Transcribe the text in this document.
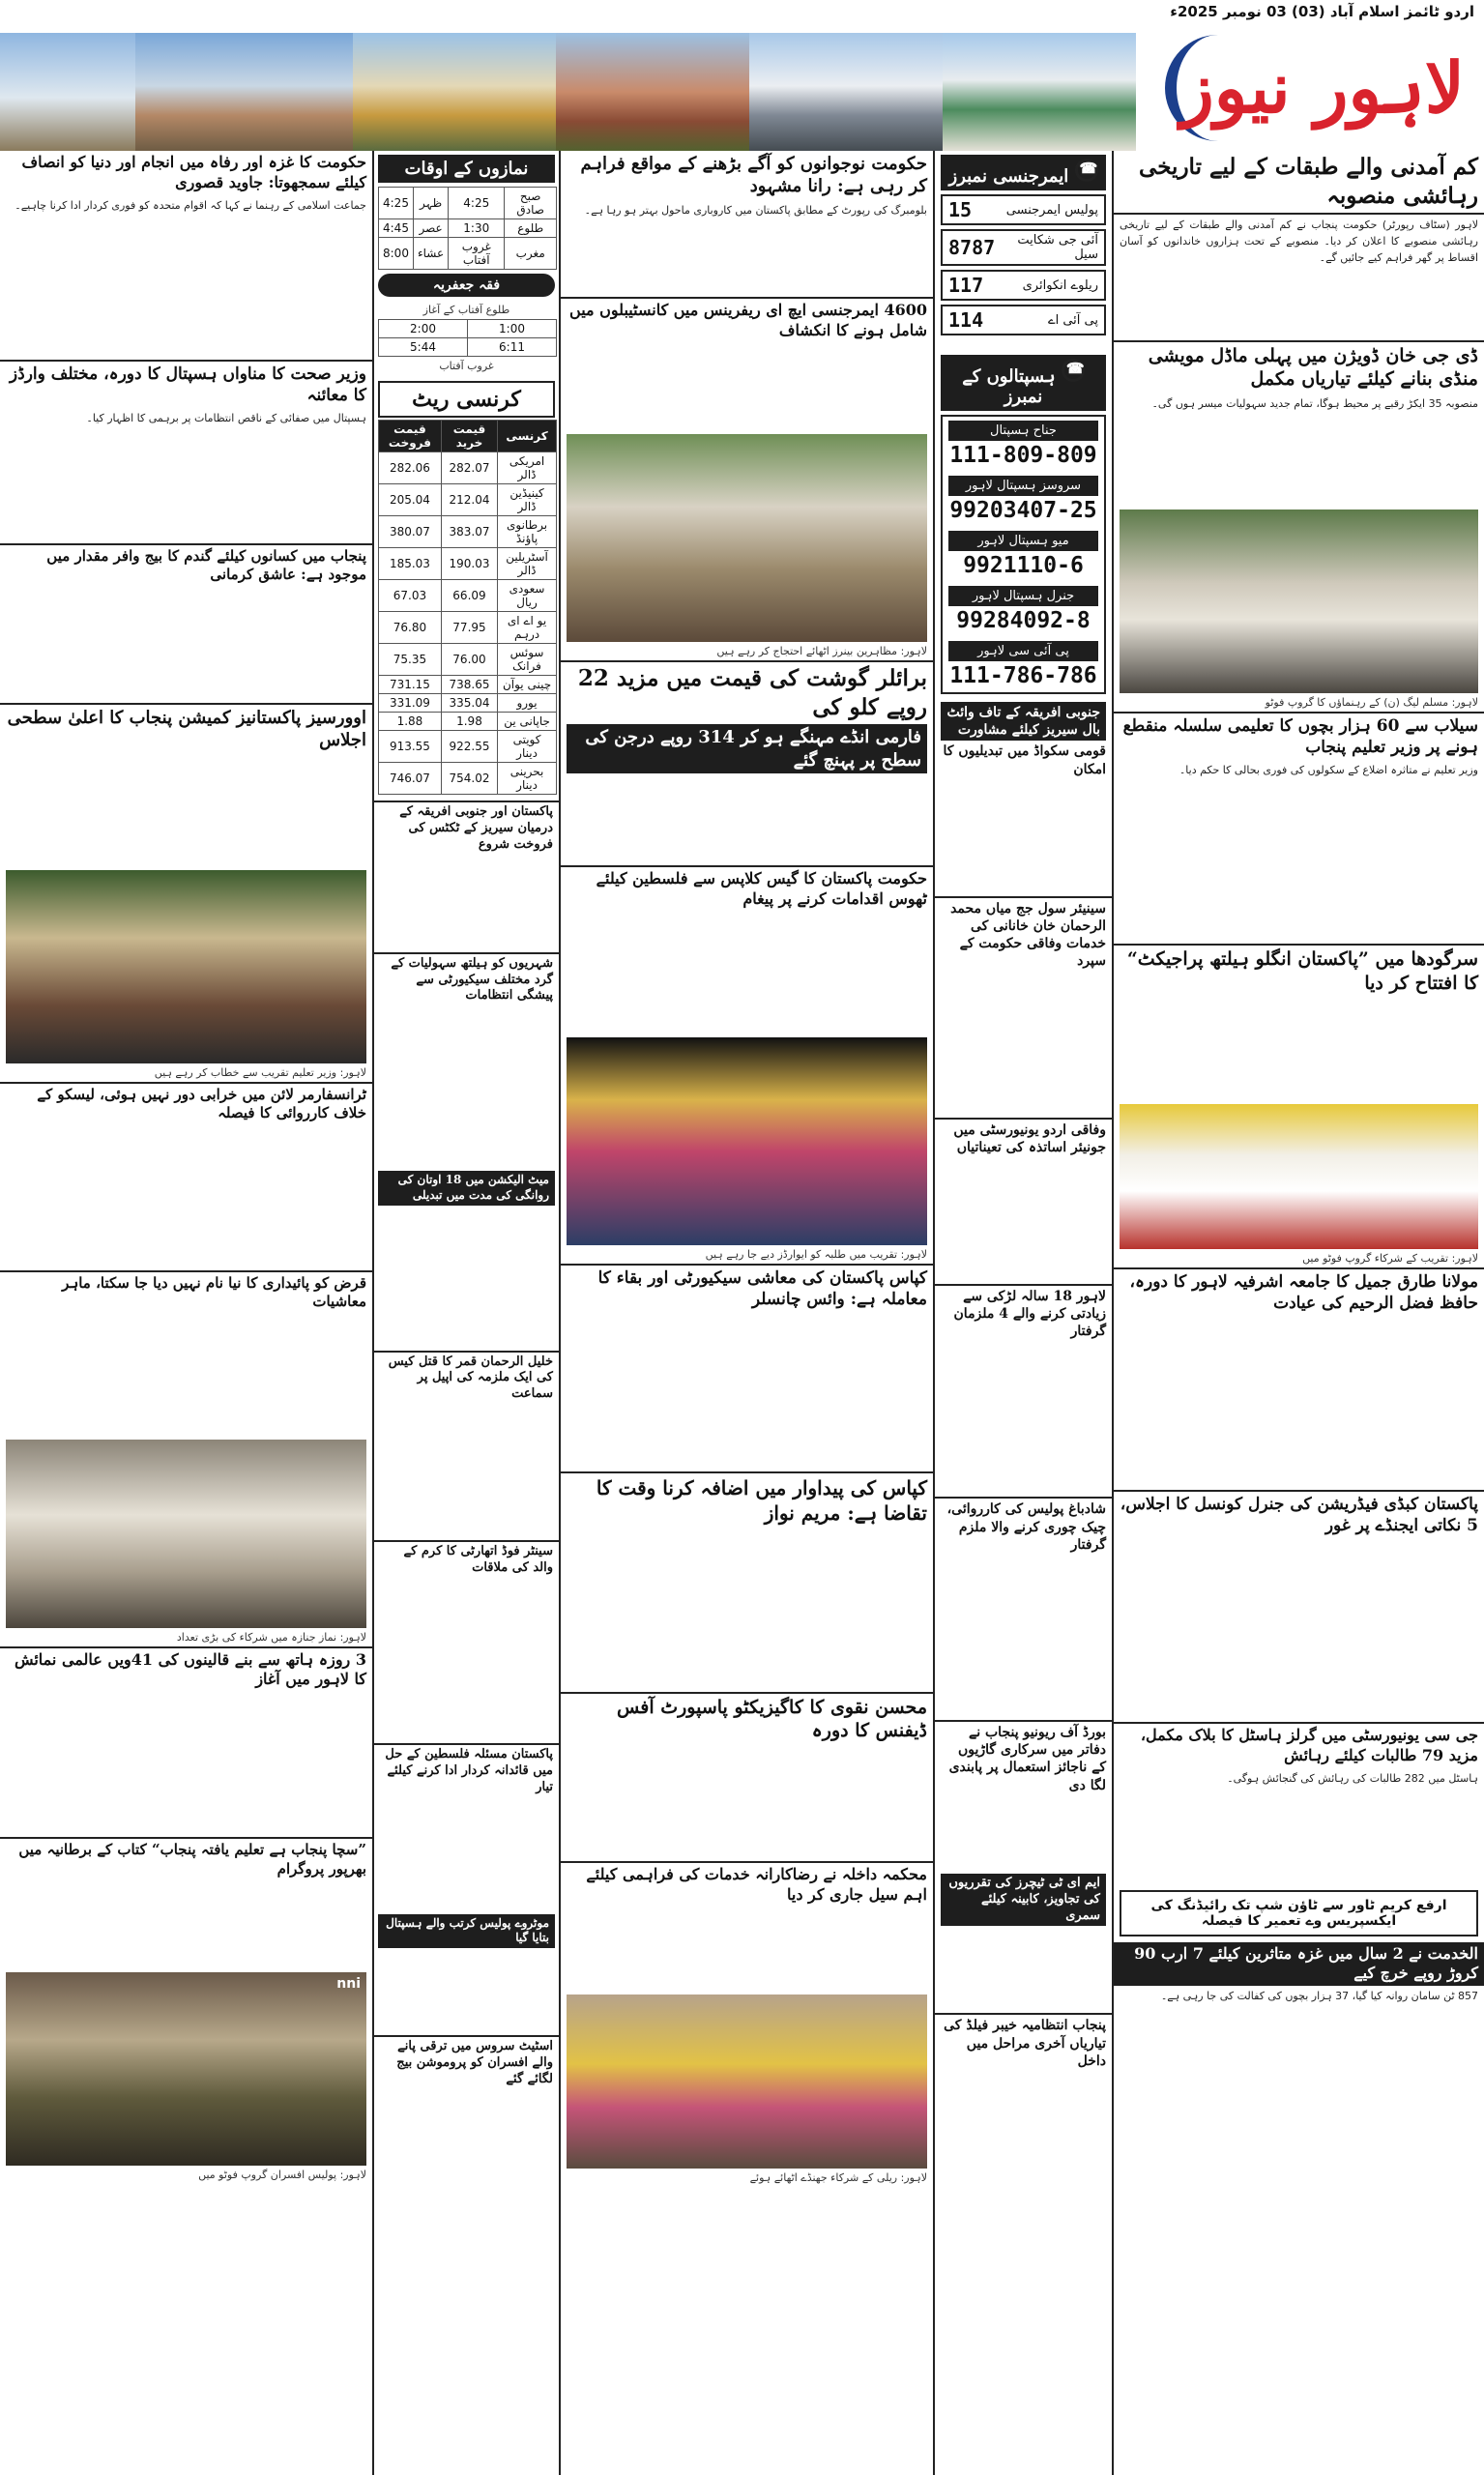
اردو ٹائمز اسلام آباد (03) 03 نومبر 2025ء
لاہور نیوز
کم آمدنی والے طبقات کے لیے تاریخی رہائشی منصوبہ
لاہور (سٹاف رپورٹر) حکومت پنجاب نے کم آمدنی والے طبقات کے لیے تاریخی رہائشی منصوبے کا اعلان کر دیا۔ منصوبے کے تحت ہزاروں خاندانوں کو آسان اقساط پر گھر فراہم کیے جائیں گے۔
ڈی جی خان ڈویژن میں پہلی ماڈل مویشی منڈی بنانے کیلئے تیاریاں مکمل
منصوبہ 35 ایکڑ رقبے پر محیط ہوگا، تمام جدید سہولیات میسر ہوں گی۔
لاہور: مسلم لیگ (ن) کے رہنماؤں کا گروپ فوٹو
سیلاب سے 60 ہزار بچوں کا تعلیمی سلسلہ منقطع ہونے پر وزیر تعلیم پنجاب
وزیر تعلیم نے متاثرہ اضلاع کے سکولوں کی فوری بحالی کا حکم دیا۔
سرگودھا میں ”پاکستان انگلو ہیلتھ پراجیکٹ“ کا افتتاح کر دیا
لاہور: تقریب کے شرکاء گروپ فوٹو میں
مولانا طارق جمیل کا جامعہ اشرفیہ لاہور کا دورہ، حافظ فضل الرحیم کی عیادت
پاکستان کبڈی فیڈریشن کی جنرل کونسل کا اجلاس، 5 نکاتی ایجنڈے پر غور
جی سی یونیورسٹی میں گرلز ہاسٹل کا بلاک مکمل، مزید 79 طالبات کیلئے رہائش
ہاسٹل میں 282 طالبات کی رہائش کی گنجائش ہوگی۔
ارفع کریم ٹاور سے ٹاؤن شپ تک رائیڈنگ کی ایکسپریس وے تعمیر کا فیصلہ
الخدمت نے 2 سال میں غزہ متاثرین کیلئے 7 ارب 90 کروڑ روپے خرچ کیے
857 ٹن سامان روانہ کیا گیا، 37 ہزار بچوں کی کفالت کی جا رہی ہے۔
☎ ایمرجنسی نمبرز
15	پولیس ایمرجنسی
8787	آئی جی شکایت سیل
117	ریلوے انکوائری
114	پی آئی اے
☎ ہسپتالوں کے نمبرز
جناح ہسپتال
111-809-809
سروسز ہسپتال لاہور
99203407-25
میو ہسپتال لاہور
9921110-6
جنرل ہسپتال لاہور
99284092-8
پی آئی سی لاہور
111-786-786
جنوبی افریقہ کے تاف وائٹ بال سیریز کیلئے مشاورت
قومی سکواڈ میں تبدیلیوں کا امکان
سینیئر سول جج میاں محمد الرحمان خان خانانی کی خدمات وفاقی حکومت کے سپرد
وفاقی اردو یونیورسٹی میں جونیئر اساتذہ کی تعیناتیاں
لاہور 18 سالہ لڑکی سے زیادتی کرنے والے 4 ملزمان گرفتار
شادباغ پولیس کی کارروائی، چیک چوری کرنے والا ملزم گرفتار
بورڈ آف ریونیو پنجاب نے دفاتر میں سرکاری گاڑیوں کے ناجائز استعمال پر پابندی لگا دی
ایم ای ٹی ٹیچرز کی تقرریوں کی تجاویز، کابینہ کیلئے سمری
پنجاب انتظامیہ خیبر فیلڈ کی تیاریاں آخری مراحل میں داخل
حکومت نوجوانوں کو آگے بڑھنے کے مواقع فراہم کر رہی ہے: رانا مشہود
بلومبرگ کی رپورٹ کے مطابق پاکستان میں کاروباری ماحول بہتر ہو رہا ہے۔
4600 ایمرجنسی ایچ ای ریفرینس میں کانسٹیبلوں میں شامل ہونے کا انکشاف
لاہور: مظاہرین بینرز اٹھائے احتجاج کر رہے ہیں
برائلر گوشت کی قیمت میں مزید 22 روپے کلو کی
فارمی انڈے مہنگے ہو کر 314 روپے درجن کی سطح پر پہنچ گئے
حکومت پاکستان کا گیس کلاپس سے فلسطین کیلئے ٹھوس اقدامات کرنے پر پیغام
لاہور: تقریب میں طلبہ کو ایوارڈز دیے جا رہے ہیں
کپاس پاکستان کی معاشی سیکیورٹی اور بقاء کا معاملہ ہے: وائس چانسلر
کپاس کی پیداوار میں اضافہ کرنا وقت کا تقاضا ہے: مریم نواز
محسن نقوی کا کاگیزیکٹو پاسپورٹ آفس ڈیفنس کا دورہ
محکمہ داخلہ نے رضاکارانہ خدمات کی فراہمی کیلئے اہم سیل جاری کر دیا
لاہور: ریلی کے شرکاء جھنڈے اٹھائے ہوئے
نمازوں کے اوقات
صبح صادق	4:25	ظہر	4:25
طلوع	1:30	عصر	4:45
مغرب	غروب آفتاب	عشاء	8:00
فقہ جعفریہ
طلوع آفتاب کے آغاز
2:00	1:00
5:44	6:11
غروب آفتاب
کرنسی ریٹ
کرنسی	قیمت خرید	قیمت فروخت
امریکی ڈالر	282.07	282.06
کینیڈین ڈالر	212.04	205.04
برطانوی پاؤنڈ	383.07	380.07
آسٹریلین ڈالر	190.03	185.03
سعودی ریال	66.09	67.03
یو اے ای درہم	77.95	76.80
سوئس فرانک	76.00	75.35
چینی یوآن	738.65	731.15
یورو	335.04	331.09
جاپانی ین	1.98	1.88
کویتی دینار	922.55	913.55
بحرینی دینار	754.02	746.07
پاکستان اور جنوبی افریقہ کے درمیان سیریز کے ٹکٹس کی فروخت شروع
شہریوں کو ہیلتھ سہولیات کے گرد مختلف سیکیورٹی سے پیشگی انتظامات
میٹ الیکشن میں 18 اوتان کی روانگی کی مدت میں تبدیلی
خلیل الرحمان قمر کا قتل کیس کی ایک ملزمہ کی اپیل پر سماعت
سینٹر فوڈ اتھارٹی کا کرم کے والد کی ملاقات
پاکستان مسئلہ فلسطین کے حل میں قائدانہ کردار ادا کرنے کیلئے تیار
موٹروے پولیس کرتب والے ہسپتال بتایا گیا
اسٹیٹ سروس میں ترقی پانے والے افسران کو پروموشن بیج لگائے گئے
حکومت کا غزہ اور رفاہ میں انجام اور دنیا کو انصاف کیلئے سمجھوتا: جاوید قصوری
جماعت اسلامی کے رہنما نے کہا کہ اقوام متحدہ کو فوری کردار ادا کرنا چاہیے۔
وزیر صحت کا مناواں ہسپتال کا دورہ، مختلف وارڈز کا معائنہ
ہسپتال میں صفائی کے ناقص انتظامات پر برہمی کا اظہار کیا۔
پنجاب میں کسانوں کیلئے گندم کا بیج وافر مقدار میں موجود ہے: عاشق کرمانی
اوورسیز پاکستانیز کمیشن پنجاب کا اعلیٰ سطحی اجلاس
لاہور: وزیر تعلیم تقریب سے خطاب کر رہے ہیں
ٹرانسفارمر لائن میں خرابی دور نہیں ہوئی، لیسکو کے خلاف کارروائی کا فیصلہ
قرض کو پائیداری کا نیا نام نہیں دیا جا سکتا، ماہر معاشیات
لاہور: نماز جنازہ میں شرکاء کی بڑی تعداد
3 روزہ ہاتھ سے بنے قالینوں کی 41ویں عالمی نمائش کا لاہور میں آغاز
”سچا پنجاب ہے تعلیم یافتہ پنجاب“ کتاب کے برطانیہ میں بھرپور پروگرام
nni
لاہور: پولیس افسران گروپ فوٹو میں
